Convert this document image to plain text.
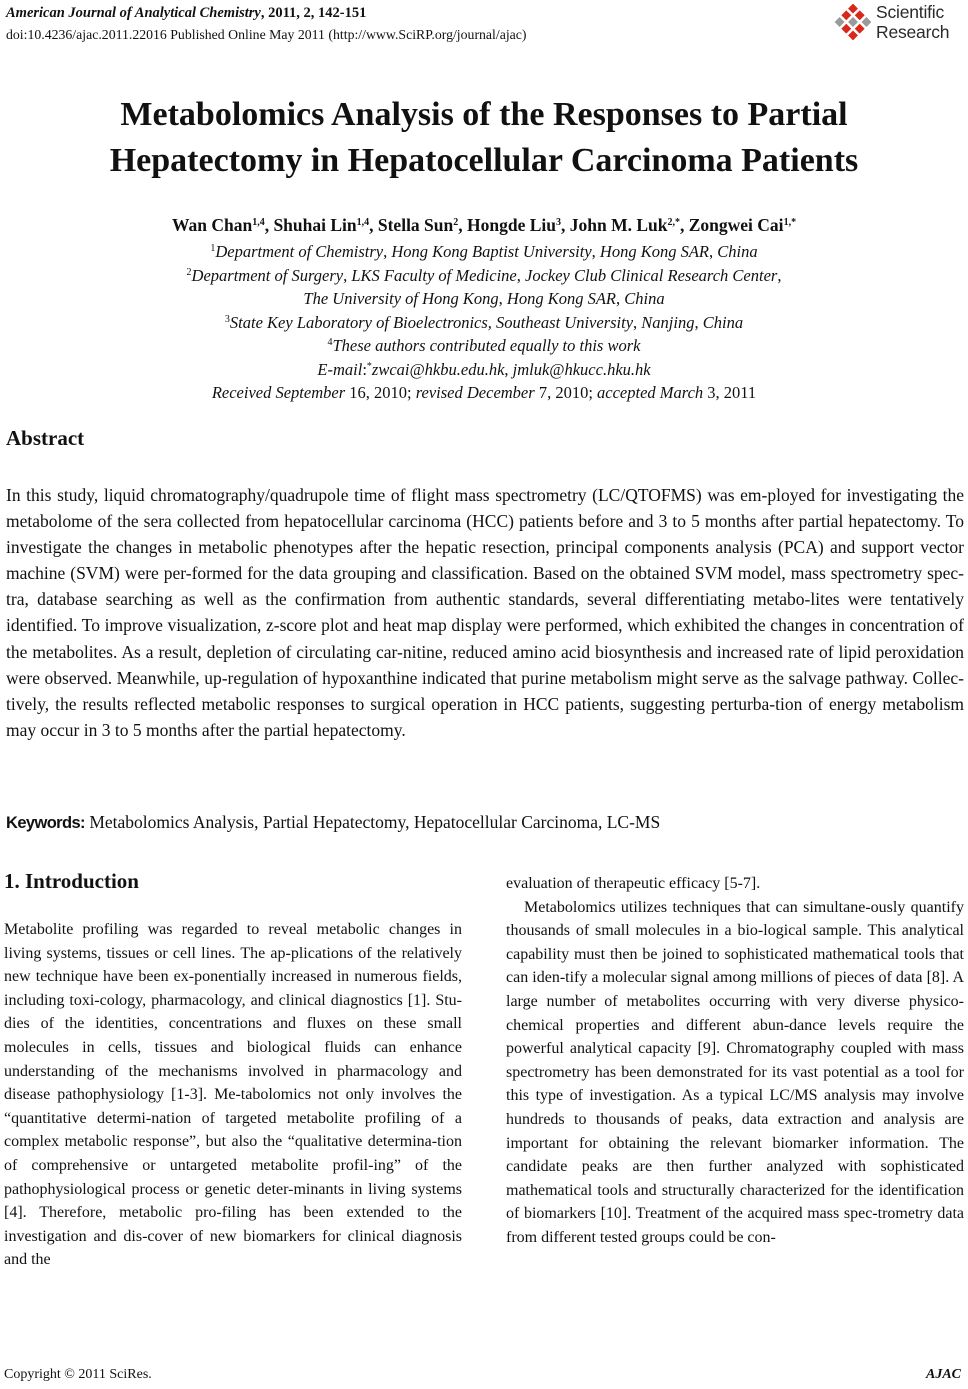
American Journal of Analytical Chemistry, 2011, 2, 142-151
doi:10.4236/ajac.2011.22016 Published Online May 2011 (http://www.SciRP.org/journal/ajac)
Scientific
Research
Metabolomics Analysis of the Responses to Partial
Hepatectomy in Hepatocellular Carcinoma Patients
Wan Chan$^{1,4}$, Shuhai Lin$^{1,4}$, Stella Sun$^2$, Hongde Liu$^3$, John M. Luk$^{2,*}$, Zongwei Cai$^{1,*}$
$^1$Department of Chemistry, Hong Kong Baptist University, Hong Kong SAR, China
$^2$Department of Surgery, LKS Faculty of Medicine, Jockey Club Clinical Research Center,
The University of Hong Kong, Hong Kong SAR, China
$^3$State Key Laboratory of Bioelectronics, Southeast University, Nanjing, China
$^4$These authors contributed equally to this work
E-mail:*zwcai@hkbu.edu.hk, jmluk@hkucc.hku.hk
Received September 16, 2010; revised December 7, 2010; accepted March 3, 2011
Abstract
In this study, liquid chromatography/quadrupole time of flight mass spectrometry (LC/QTOFMS) was em-ployed for investigating the metabolome of the sera collected from hepatocellular carcinoma (HCC) patients before and 3 to 5 months after partial hepatectomy. To investigate the changes in metabolic phenotypes after the hepatic resection, principal components analysis (PCA) and support vector machine (SVM) were per-formed for the data grouping and classification. Based on the obtained SVM model, mass spectrometry spec-tra, database searching as well as the confirmation from authentic standards, several differentiating metabo-lites were tentatively identified. To improve visualization, z-score plot and heat map display were performed, which exhibited the changes in concentration of the metabolites. As a result, depletion of circulating car-nitine, reduced amino acid biosynthesis and increased rate of lipid peroxidation were observed. Meanwhile, up-regulation of hypoxanthine indicated that purine metabolism might serve as the salvage pathway. Collec-tively, the results reflected metabolic responses to surgical operation in HCC patients, suggesting perturba-tion of energy metabolism may occur in 3 to 5 months after the partial hepatectomy.
Keywords: Metabolomics Analysis, Partial Hepatectomy, Hepatocellular Carcinoma, LC-MS
1. Introduction

Metabolite profiling was regarded to reveal metabolic changes in living systems, tissues or cell lines. The ap-plications of the relatively new technique have been ex-ponentially increased in numerous fields, including toxi-cology, pharmacology, and clinical diagnostics [1]. Stu-dies of the identities, concentrations and fluxes on these small molecules in cells, tissues and biological fluids can enhance understanding of the mechanisms involved in pharmacology and disease pathophysiology [1-3]. Me-tabolomics not only involves the “quantitative determi-nation of targeted metabolite profiling of a complex metabolic response”, but also the “qualitative determina-tion of comprehensive or untargeted metabolite profil-ing” of the pathophysiological process or genetic deter-minants in living systems [4]. Therefore, metabolic pro-filing has been extended to the investigation and dis-cover of new biomarkers for clinical diagnosis and the

evaluation of therapeutic efficacy [5-7].

Metabolomics utilizes techniques that can simultane-ously quantify thousands of small molecules in a bio-logical sample. This analytical capability must then be joined to sophisticated mathematical tools that can iden-tify a molecular signal among millions of pieces of data [8]. A large number of metabolites occurring with very diverse physico-chemical properties and different abun-dance levels require the powerful analytical capacity [9]. Chromatography coupled with mass spectrometry has been demonstrated for its vast potential as a tool for this type of investigation. As a typical LC/MS analysis may involve hundreds to thousands of peaks, data extraction and analysis are important for obtaining the relevant biomarker information. The candidate peaks are then further analyzed with sophisticated mathematical tools and structurally characterized for the identification of biomarkers [10]. Treatment of the acquired mass spec-trometry data from different tested groups could be con-

Copyright © 2011 SciRes.	AJAC
